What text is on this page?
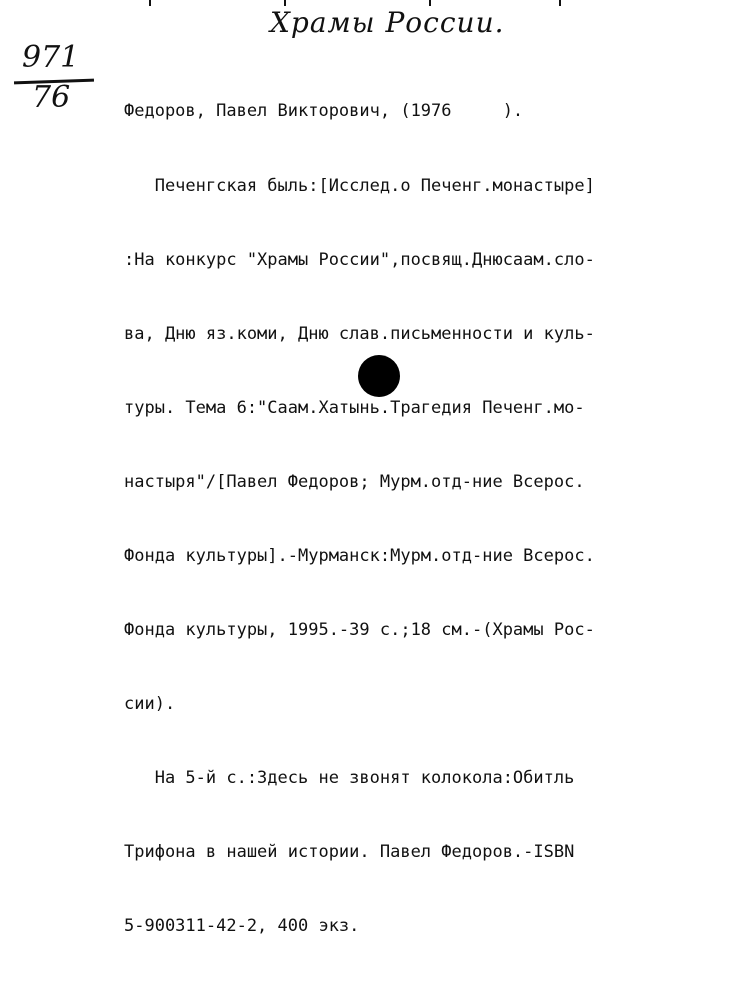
Храмы России.
971
76

	Федоров, Павел Викторович, (1976     ).

Печенгская быль:[Исслед.о Печенг.монастыре]

:На конкурс "Храмы России",посвящ.Днюсаам.сло-

ва, Дню яз.коми, Дню слав.письменности и куль-

туры. Тема 6:"Саам.Хатынь.Трагедия Печенг.мо-

настыря"/[Павел Федоров; Мурм.отд-ние Всерос.

Фонда культуры].-Мурманск:Мурм.отд-ние Всерос.

Фонда культуры, 1995.-39 с.;18 см.-(Храмы Рос-

сии).

На 5-й с.:Здесь не звонят колокола:Обитль

Трифона в нашей истории. Павел Федоров.-ISBN

5-900311-42-2, 400 экз.
